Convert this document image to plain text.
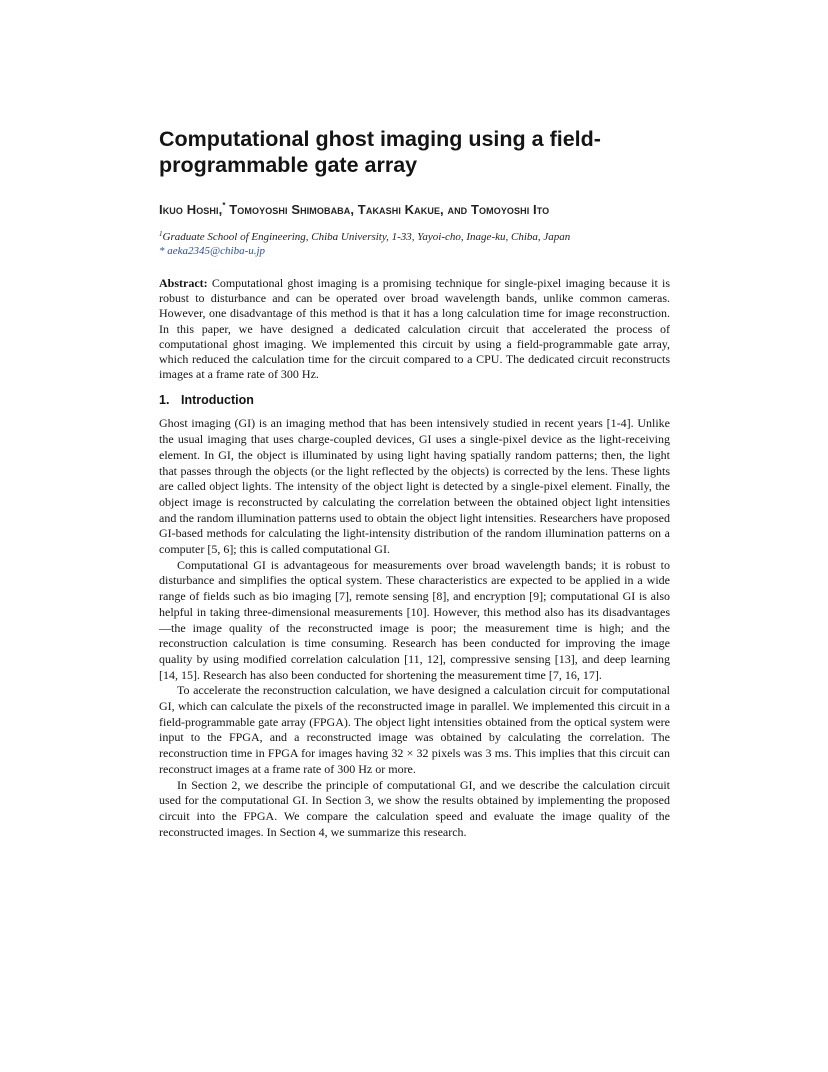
Computational ghost imaging using a field-programmable gate array
Ikuo Hoshi,* Tomoyoshi Shimobaba, Takashi Kakue, and Tomoyoshi Ito
$^1$Graduate School of Engineering, Chiba University, 1-33, Yayoi-cho, Inage-ku, Chiba, Japan
* aeka2345@chiba-u.jp
Abstract: Computational ghost imaging is a promising technique for single-pixel imaging because it is robust to disturbance and can be operated over broad wavelength bands, unlike common cameras. However, one disadvantage of this method is that it has a long calculation time for image reconstruction. In this paper, we have designed a dedicated calculation circuit that accelerated the process of computational ghost imaging. We implemented this circuit by using a field-programmable gate array, which reduced the calculation time for the circuit compared to a CPU. The dedicated circuit reconstructs images at a frame rate of 300 Hz.
1. Introduction

Ghost imaging (GI) is an imaging method that has been intensively studied in recent years [1-4]. Unlike the usual imaging that uses charge-coupled devices, GI uses a single-pixel device as the light-receiving element. In GI, the object is illuminated by using light having spatially random patterns; then, the light that passes through the objects (or the light reflected by the objects) is corrected by the lens. These lights are called object lights. The intensity of the object light is detected by a single-pixel element. Finally, the object image is reconstructed by calculating the correlation between the obtained object light intensities and the random illumination patterns used to obtain the object light intensities. Researchers have proposed GI-based methods for calculating the light-intensity distribution of the random illumination patterns on a computer [5, 6]; this is called computational GI.

Computational GI is advantageous for measurements over broad wavelength bands; it is robust to disturbance and simplifies the optical system. These characteristics are expected to be applied in a wide range of fields such as bio imaging [7], remote sensing [8], and encryption [9]; computational GI is also helpful in taking three-dimensional measurements [10]. However, this method also has its disadvantages—the image quality of the reconstructed image is poor; the measurement time is high; and the reconstruction calculation is time consuming. Research has been conducted for improving the image quality by using modified correlation calculation [11, 12], compressive sensing [13], and deep learning [14, 15]. Research has also been conducted for shortening the measurement time [7, 16, 17].

To accelerate the reconstruction calculation, we have designed a calculation circuit for computational GI, which can calculate the pixels of the reconstructed image in parallel. We implemented this circuit in a field-programmable gate array (FPGA). The object light intensities obtained from the optical system were input to the FPGA, and a reconstructed image was obtained by calculating the correlation. The reconstruction time in FPGA for images having 32 × 32 pixels was 3 ms. This implies that this circuit can reconstruct images at a frame rate of 300 Hz or more.

In Section 2, we describe the principle of computational GI, and we describe the calculation circuit used for the computational GI. In Section 3, we show the results obtained by implementing the proposed circuit into the FPGA. We compare the calculation speed and evaluate the image quality of the reconstructed images. In Section 4, we summarize this research.
